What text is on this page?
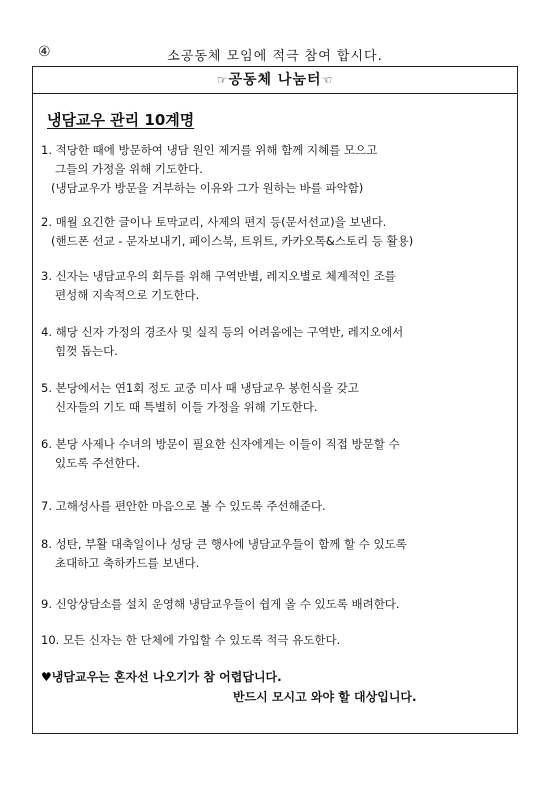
④	소공동체 모임에 적극 참여 합시다.
☞공동체 나눔터☜
냉담교우 관리 10계명
1. 적당한 때에 방문하여 냉담 원인 제거를 위해 함께 지혜를 모으고
그들의 가정을 위해 기도한다.
(냉담교우가 방문을 거부하는 이유와 그가 원하는 바를 파악함)
2. 매월 요긴한 글이나 토막교리, 사제의 편지 등(문서선교)을 보낸다.
(핸드폰 선교 - 문자보내기, 페이스북, 트위트, 카카오톡&스토리 등 활용)
3. 신자는 냉담교우의 회두를 위해 구역반별, 레지오별로 체계적인 조를
편성해 지속적으로 기도한다.
4. 해당 신자 가정의 경조사 및 실직 등의 어려움에는 구역반, 레지오에서
힘껏 돕는다.
5. 본당에서는 연1회 정도 교중 미사 때 냉담교우 봉헌식을 갖고
신자들의 기도 때 특별히 이들 가정을 위해 기도한다.
6. 본당 사제나 수녀의 방문이 필요한 신자에게는 이들이 직접 방문할 수
있도록 주선한다.
7. 고해성사를 편안한 마음으로 볼 수 있도록 주선해준다.
8. 성탄, 부활 대축일이나 성당 큰 행사에 냉담교우들이 함께 할 수 있도록
초대하고 축하카드를 보낸다.
9. 신앙상담소를 설치 운영해 냉담교우들이 쉽게 올 수 있도록 배려한다.
10. 모든 신자는 한 단체에 가입할 수 있도록 적극 유도한다.
♥냉담교우는 혼자선 나오기가 참 어렵답니다.
반드시 모시고 와야 할 대상입니다.
